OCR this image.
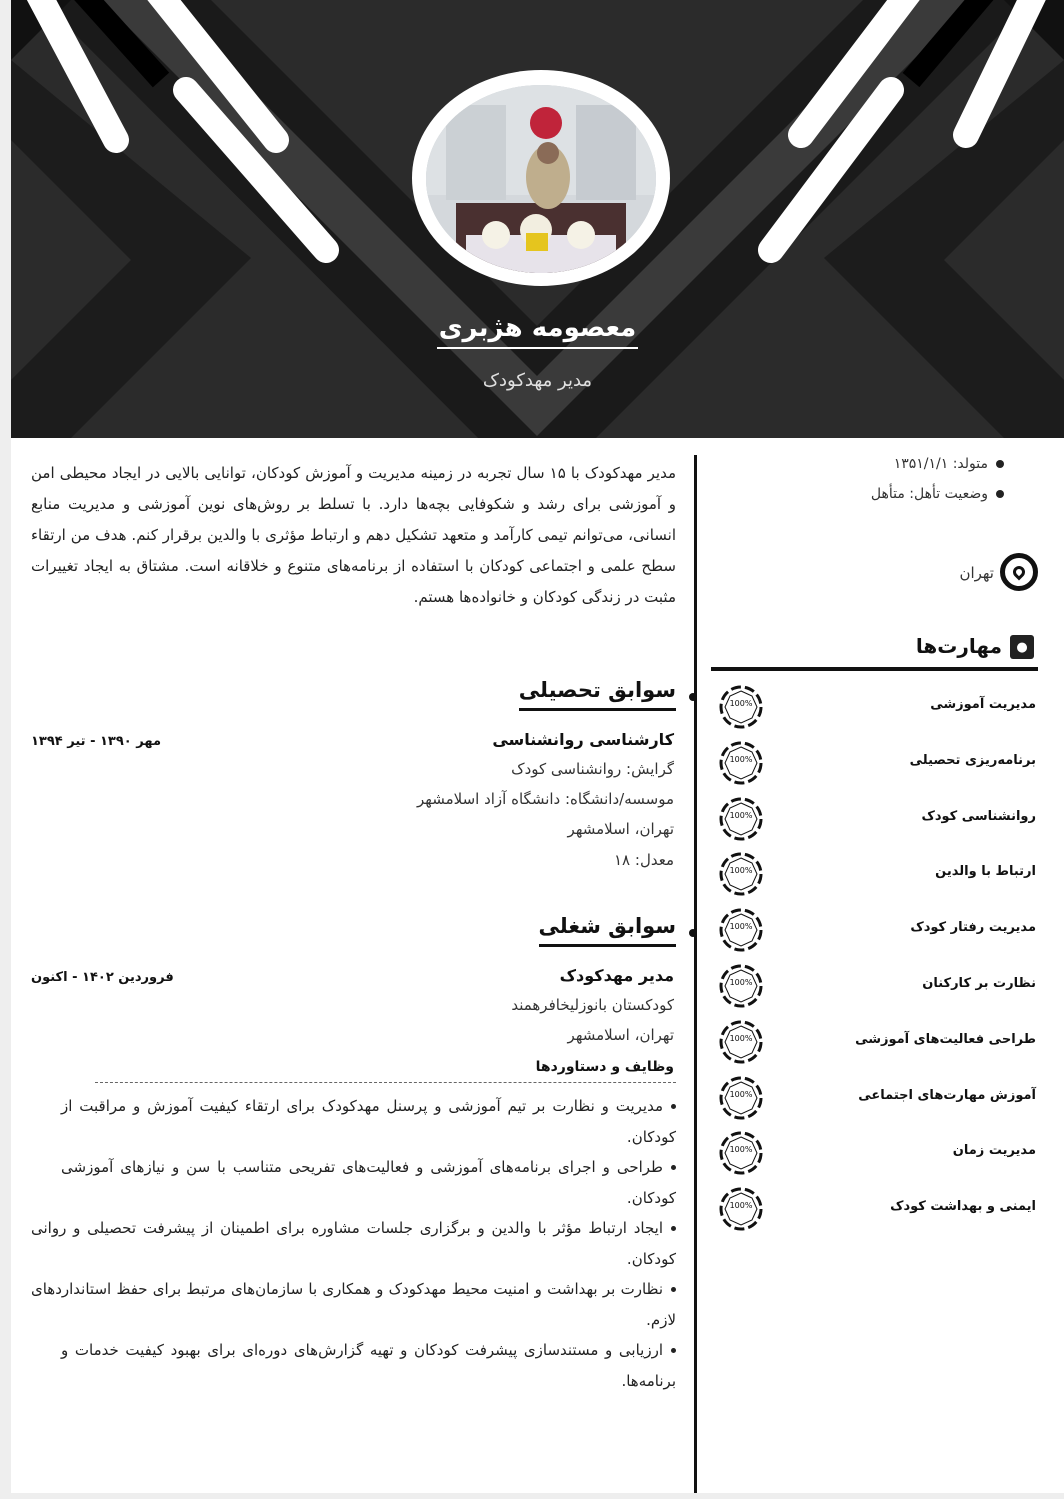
معصومه هژبری
مدیر مهدکودک
متولد: ۱۳۵۱/۱/۱
وضعیت تأهل: متأهل
تهران
●
مهارت‌ها
مدیر مهدکودک با ۱۵ سال تجربه در زمینه مدیریت و آموزش کودکان، توانایی بالایی در ایجاد محیطی امن و آموزشی برای رشد و شکوفایی بچه‌ها دارد. با تسلط بر روش‌های نوین آموزشی و مدیریت منابع انسانی، می‌توانم تیمی کارآمد و متعهد تشکیل دهم و ارتباط مؤثری با والدین برقرار کنم. هدف من ارتقاء سطح علمی و اجتماعی کودکان با استفاده از برنامه‌های متنوع و خلاقانه است. مشتاق به ایجاد تغییرات مثبت در زندگی کودکان و خانواده‌ها هستم.
سوابق تحصیلی
کارشناسی روانشناسی
مهر ۱۳۹۰ - تیر ۱۳۹۴
گرایش: روانشناسی کودک
موسسه/دانشگاه: دانشگاه آزاد اسلامشهر
تهران، اسلامشهر
معدل: ۱۸
سوابق شغلی
مدیر مهدکودک
فروردین ۱۴۰۲ - اکنون
کودکستان بانوزلیخافرهمند
تهران، اسلامشهر
وظایف و دستاوردها
مدیریت و نظارت بر تیم آموزشی و پرسنل مهدکودک برای ارتقاء کیفیت آموزش و مراقبت از کودکان.
طراحی و اجرای برنامه‌های آموزشی و فعالیت‌های تفریحی متناسب با سن و نیازهای آموزشی کودکان.
ایجاد ارتباط مؤثر با والدین و برگزاری جلسات مشاوره برای اطمینان از پیشرفت تحصیلی و روانی کودکان.
نظارت بر بهداشت و امنیت محیط مهدکودک و همکاری با سازمان‌های مرتبط برای حفظ استانداردهای لازم.
ارزیابی و مستندسازی پیشرفت کودکان و تهیه گزارش‌های دوره‌ای برای بهبود کیفیت خدمات و برنامه‌ها.
مدیریت آموزشی
100%
برنامه‌ریزی تحصیلی
100%
روانشناسی کودک
100%
ارتباط با والدین
100%
مدیریت رفتار کودک
100%
نظارت بر کارکنان
100%
طراحی فعالیت‌های آموزشی
100%
آموزش مهارت‌های اجتماعی
100%
مدیریت زمان
100%
ایمنی و بهداشت کودک
100%
